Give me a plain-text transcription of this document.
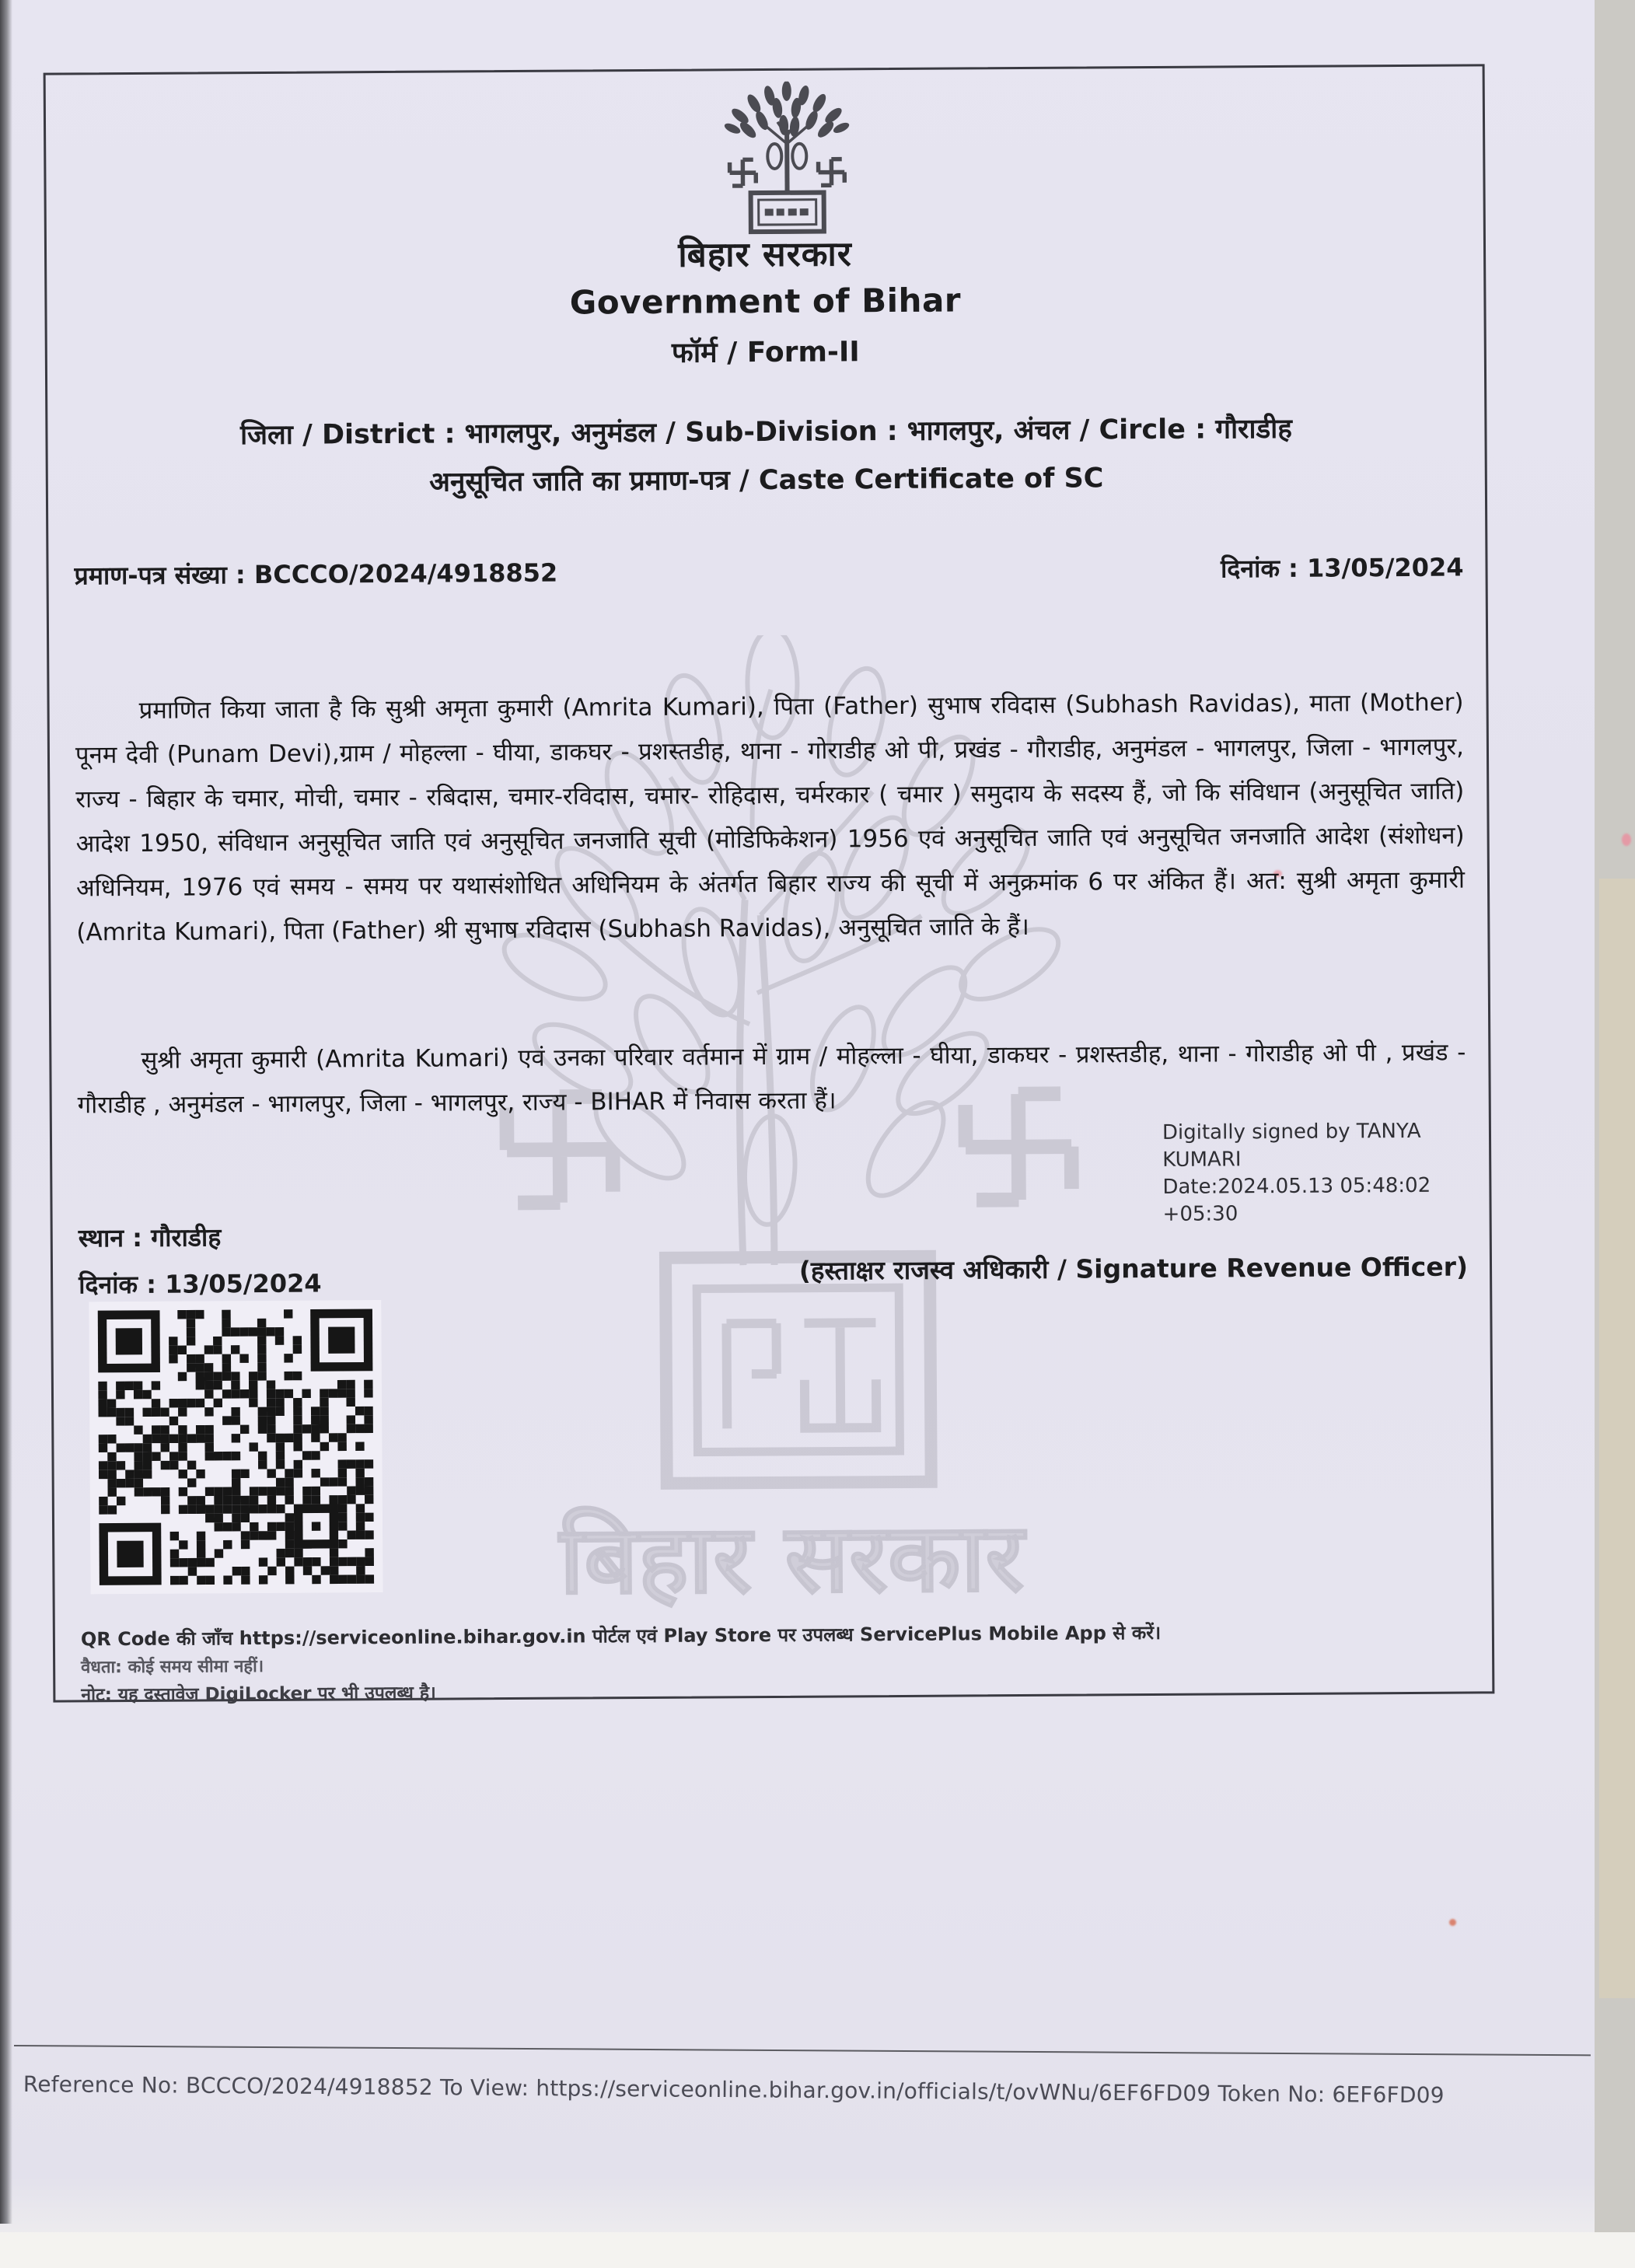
बिहार सरकार
बिहार सरकार
Government of Bihar
फॉर्म / Form-II
जिला / District : भागलपुर, अनुमंडल / Sub-Division : भागलपुर, अंचल / Circle : गौराडीह
अनुसूचित जाति का प्रमाण-पत्र / Caste Certificate of SC
प्रमाण-पत्र संख्या : BCCCO/2024/4918852	दिनांक : 13/05/2024
प्रमाणित किया जाता है कि सुश्री अमृता कुमारी (Amrita Kumari), पिता (Father) सुभाष रविदास (Subhash Ravidas), माता (Mother) पूनम देवी (Punam Devi),ग्राम / मोहल्ला - घीया, डाकघर - प्रशस्तडीह, थाना - गोराडीह ओ पी, प्रखंड - गौराडीह, अनुमंडल - भागलपुर, जिला - भागलपुर, राज्य - बिहार के चमार, मोची, चमार - रबिदास, चमार-रविदास, चमार- रोहिदास, चर्मरकार ( चमार ) समुदाय के सदस्य हैं, जो कि संविधान (अनुसूचित जाति) आदेश 1950, संविधान अनुसूचित जाति एवं अनुसूचित जनजाति सूची (मोडिफिकेशन) 1956 एवं अनुसूचित जाति एवं अनुसूचित जनजाति आदेश (संशोधन) अधिनियम, 1976 एवं समय - समय पर यथासंशोधित अधिनियम के अंतर्गत बिहार राज्य की सूची में अनुक्रमांक 6 पर अंकित हैं। अत: सुश्री अमृता कुमारी (Amrita Kumari), पिता (Father) श्री सुभाष रविदास (Subhash Ravidas), अनुसूचित जाति के हैं।
सुश्री अमृता कुमारी (Amrita Kumari) एवं उनका परिवार वर्तमान में ग्राम / मोहल्ला - घीया, डाकघर - प्रशस्तडीह, थाना - गोराडीह ओ पी , प्रखंड - गौराडीह , अनुमंडल - भागलपुर, जिला - भागलपुर, राज्य - BIHAR में निवास करता हैं।
Digitally signed by TANYA KUMARI
Date:2024.05.13 05:48:02 +05:30
स्थान : गौराडीह
दिनांक : 13/05/2024	(हस्ताक्षर राजस्व अधिकारी / Signature Revenue Officer)
QR Code की जाँच https://serviceonline.bihar.gov.in पोर्टल एवं Play Store पर उपलब्ध ServicePlus Mobile App से करें।
वैधता: कोई समय सीमा नहीं।
नोट: यह दस्तावेज DigiLocker पर भी उपलब्ध है।
Reference No: BCCCO/2024/4918852 To View: https://serviceonline.bihar.gov.in/officials/t/ovWNu/6EF6FD09 Token No: 6EF6FD09
